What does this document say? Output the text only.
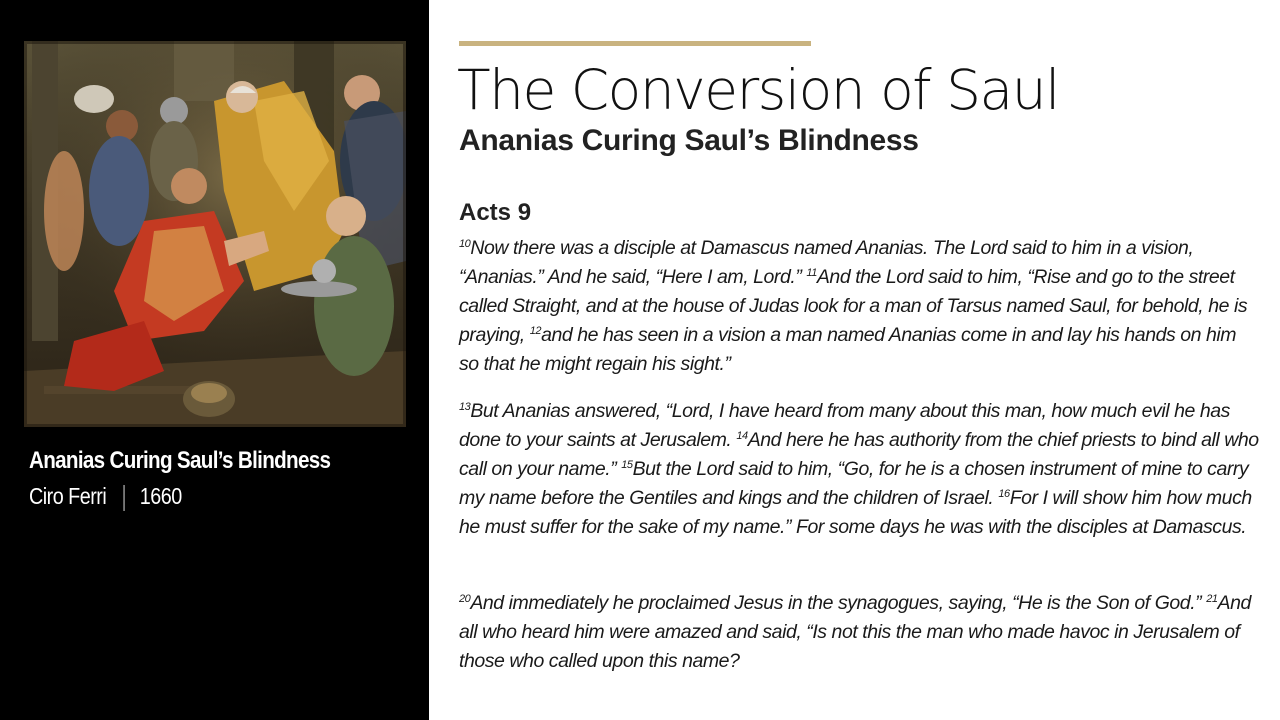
Ananias Curing Saul’s Blindness
Ciro Ferri 1660
The Conversion of Saul
Ananias Curing Saul’s Blindness
Acts 9

$^{10}$Now there was a disciple at Damascus named Ananias. The Lord said to him in a vision, “Ananias.” And he said, “Here I am, Lord.” $^{11}$And the Lord said to him, “Rise and go to the street called Straight, and at the house of Judas look for a man of Tarsus named Saul, for behold, he is praying, $^{12}$and he has seen in a vision a man named Ananias come in and lay his hands on him so that he might regain his sight.”

$^{13}$But Ananias answered, “Lord, I have heard from many about this man, how much evil he has done to your saints at Jerusalem. $^{14}$And here he has authority from the chief priests to bind all who call on your name.” $^{15}$But the Lord said to him, “Go, for he is a chosen instrument of mine to carry my name before the Gentiles and kings and the children of Israel. $^{16}$For I will show him how much he must suffer for the sake of my name.” For some days he was with the disciples at Damascus.

$^{20}$And immediately he proclaimed Jesus in the synagogues, saying, “He is the Son of God.” $^{21}$And all who heard him were amazed and said, “Is not this the man who made havoc in Jerusalem of those who called upon this name?
